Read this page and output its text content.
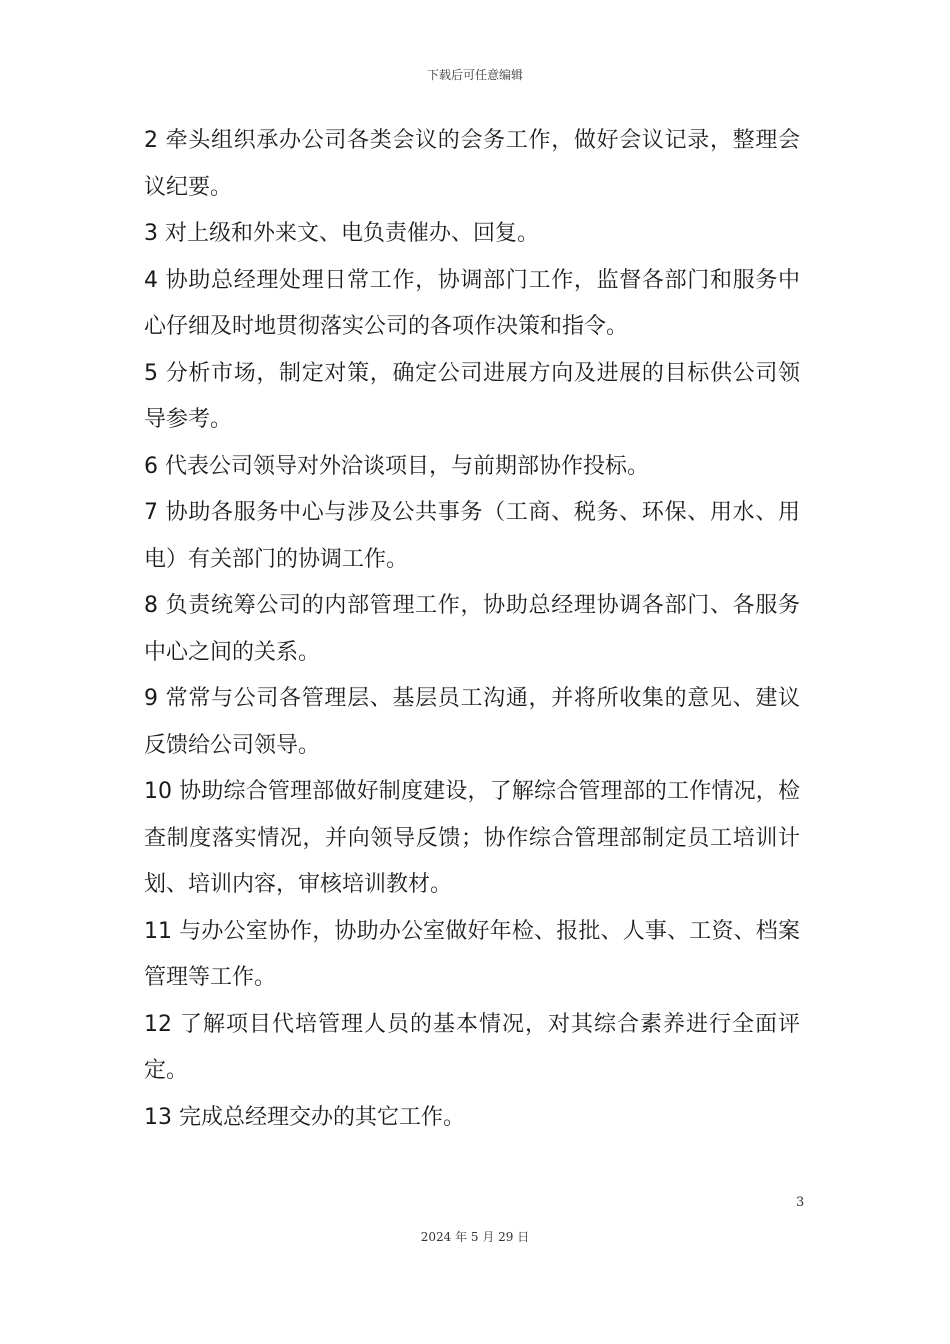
下载后可任意编辑

2 牵头组织承办公司各类会议的会务工作，做好会议记录，整理会议纪要。

3 对上级和外来文、电负责催办、回复。

4 协助总经理处理日常工作，协调部门工作，监督各部门和服务中心仔细及时地贯彻落实公司的各项作决策和指令。

5 分析市场，制定对策，确定公司进展方向及进展的目标供公司领导参考。

6 代表公司领导对外洽谈项目，与前期部协作投标。

7 协助各服务中心与涉及公共事务（工商、税务、环保、用水、用电）有关部门的协调工作。

8 负责统筹公司的内部管理工作，协助总经理协调各部门、各服务中心之间的关系。

9 常常与公司各管理层、基层员工沟通，并将所收集的意见、建议反馈给公司领导。

10 协助综合管理部做好制度建设，了解综合管理部的工作情况，检查制度落实情况，并向领导反馈；协作综合管理部制定员工培训计划、培训内容，审核培训教材。

11 与办公室协作，协助办公室做好年检、报批、人事、工资、档案管理等工作。

12 了解项目代培管理人员的基本情况，对其综合素养进行全面评定。

13 完成总经理交办的其它工作。

3
2024 年 5 月 29 日
